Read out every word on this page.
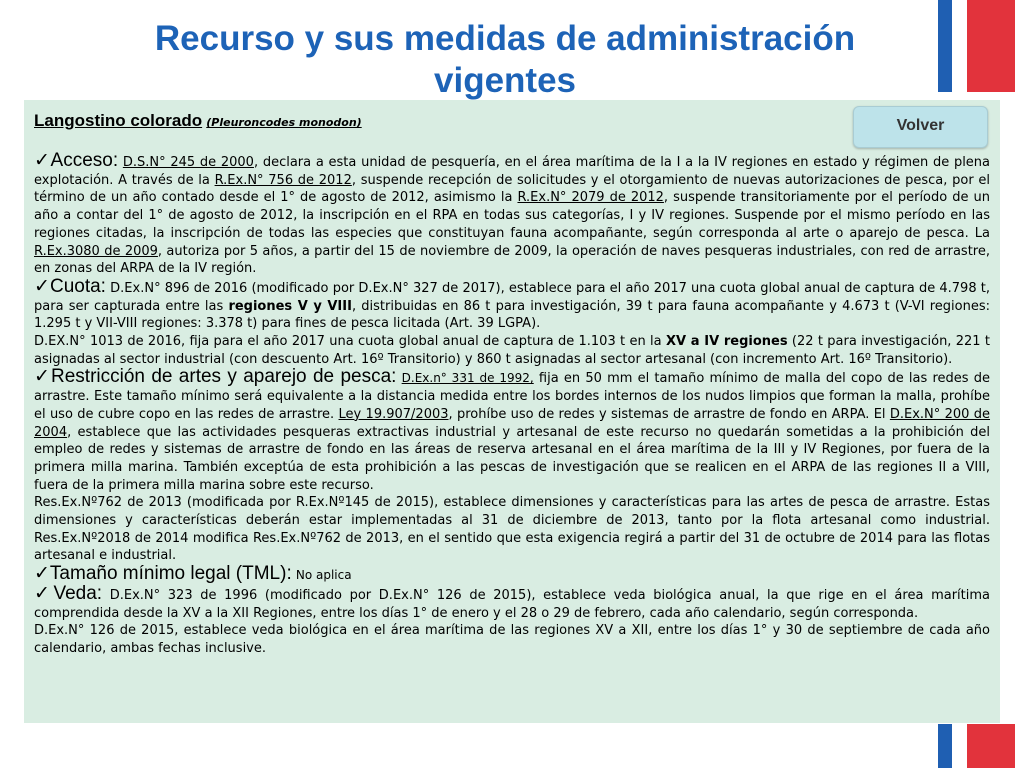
Recurso y sus medidas de administración vigentes

Langostino colorado (Pleuroncodes monodon)

✓Acceso: D.S.N° 245 de 2000, declara a esta unidad de pesquería, en el área marítima de la I a la IV regiones en estado y régimen de plena explotación. A través de la R.Ex.N° 756 de 2012, suspende recepción de solicitudes y el otorgamiento de nuevas autorizaciones de pesca, por el término de un año contado desde el 1° de agosto de 2012, asimismo la R.Ex.N° 2079 de 2012, suspende transitoriamente por el período de un año a contar del 1° de agosto de 2012, la inscripción en el RPA en todas sus categorías, I y IV regiones. Suspende por el mismo período en las regiones citadas, la inscripción de todas las especies que constituyan fauna acompañante, según corresponda al arte o aparejo de pesca. La R.Ex.3080 de 2009, autoriza por 5 años, a partir del 15 de noviembre de 2009, la operación de naves pesqueras industriales, con red de arrastre, en zonas del ARPA de la IV región.

✓Cuota: D.Ex.N° 896 de 2016 (modificado por D.Ex.N° 327 de 2017), establece para el año 2017 una cuota global anual de captura de 4.798 t, para ser capturada entre las regiones V y VIII, distribuidas en 86 t para investigación, 39 t para fauna acompañante y 4.673 t (V-VI regiones: 1.295 t y VII-VIII regiones: 3.378 t) para fines de pesca licitada (Art. 39 LGPA).

D.EX.N° 1013 de 2016, fija para el año 2017 una cuota global anual de captura de 1.103 t en la XV a IV regiones (22 t para investigación, 221 t asignadas al sector industrial (con descuento Art. 16º Transitorio) y 860 t asignadas al sector artesanal (con incremento Art. 16º Transitorio).

✓Restricción de artes y aparejo de pesca: D.Ex.n° 331 de 1992, fija en 50 mm el tamaño mínimo de malla del copo de las redes de arrastre. Este tamaño mínimo será equivalente a la distancia medida entre los bordes internos de los nudos limpios que forman la malla, prohíbe el uso de cubre copo en las redes de arrastre. Ley 19.907/2003, prohíbe uso de redes y sistemas de arrastre de fondo en ARPA. El D.Ex.N° 200 de 2004, establece que las actividades pesqueras extractivas industrial y artesanal de este recurso no quedarán sometidas a la prohibición del empleo de redes y sistemas de arrastre de fondo en las áreas de reserva artesanal en el área marítima de la III y IV Regiones, por fuera de la primera milla marina. También exceptúa de esta prohibición a las pescas de investigación que se realicen en el ARPA de las regiones II a VIII, fuera de la primera milla marina sobre este recurso.

Res.Ex.Nº762 de 2013 (modificada por R.Ex.Nº145 de 2015), establece dimensiones y características para las artes de pesca de arrastre. Estas dimensiones y características deberán estar implementadas al 31 de diciembre de 2013, tanto por la flota artesanal como industrial. Res.Ex.Nº2018 de 2014 modifica Res.Ex.Nº762 de 2013, en el sentido que esta exigencia regirá a partir del 31 de octubre de 2014 para las flotas artesanal e industrial.

✓Tamaño mínimo legal (TML): No aplica

✓Veda: D.Ex.N° 323 de 1996 (modificado por D.Ex.N° 126 de 2015), establece veda biológica anual, la que rige en el área marítima comprendida desde la XV a la XII Regiones, entre los días 1° de enero y el 28 o 29 de febrero, cada año calendario, según corresponda.

D.Ex.N° 126 de 2015, establece veda biológica en el área marítima de las regiones XV a XII, entre los días 1° y 30 de septiembre de cada año calendario, ambas fechas inclusive.

Volver
